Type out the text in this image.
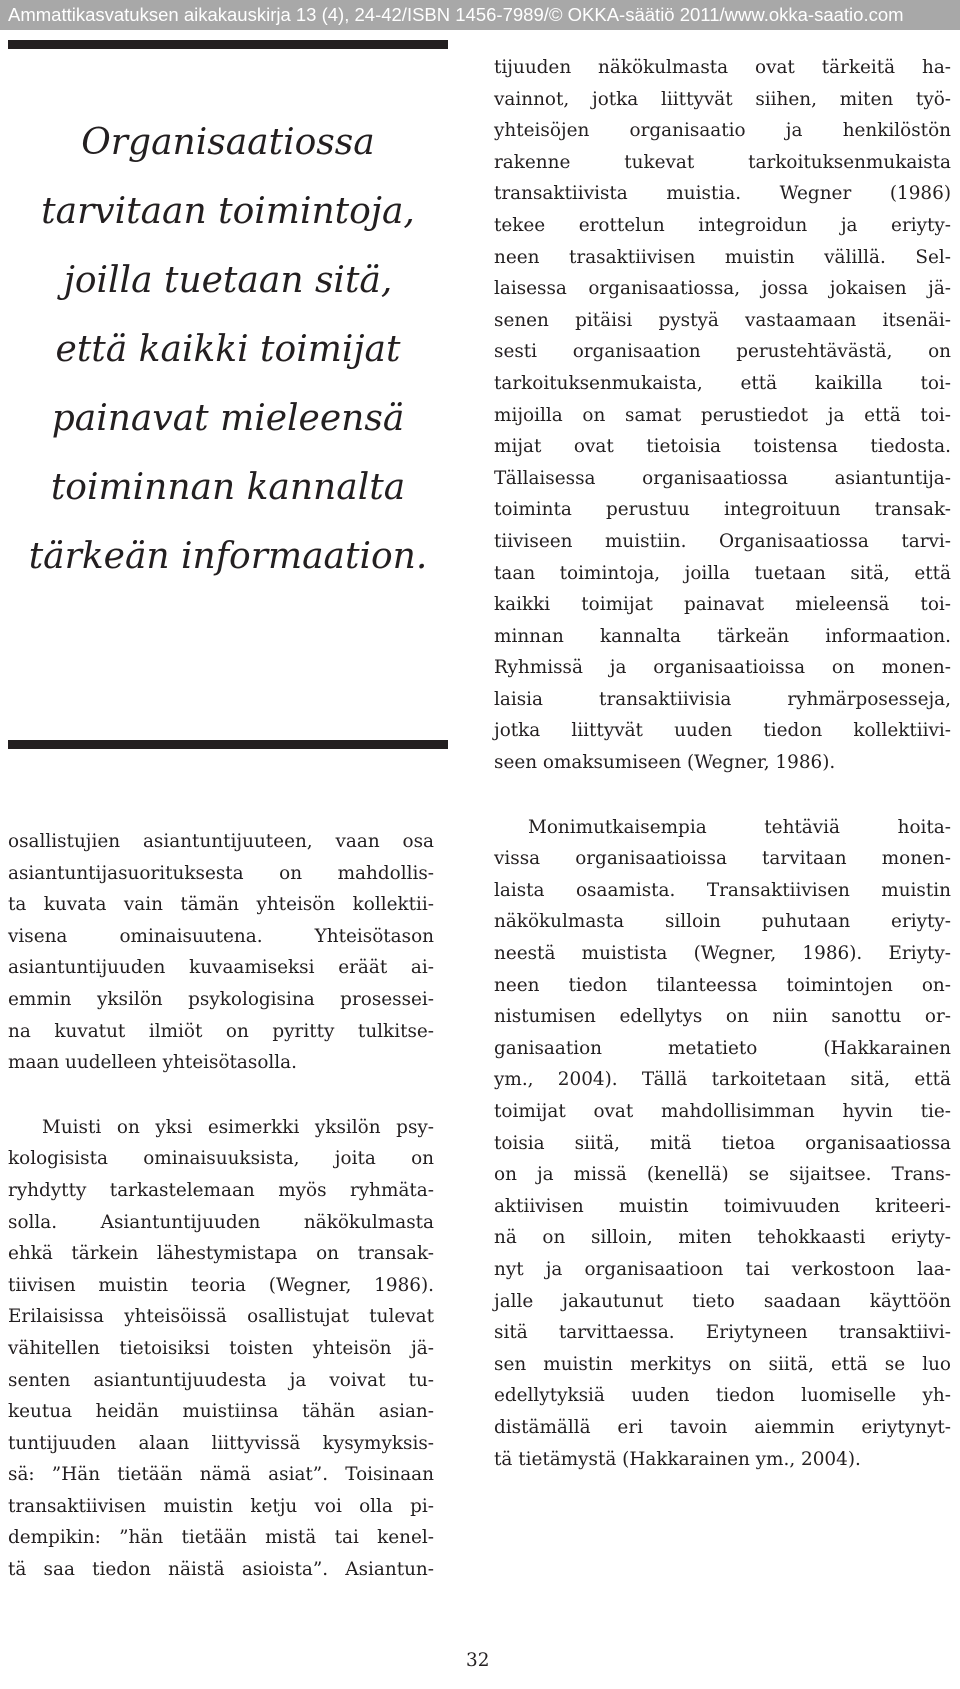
Ammattikasvatuksen aikakauskirja 13 (4), 24-42/ISBN 1456-7989/© OKKA-säätiö 2011/www.okka-saatio.com
Organisaatiossa
tarvitaan toimintoja,
joilla tuetaan sitä,
että kaikki toimijat
painavat mieleensä
toiminnan kannalta
tärkeän informaation.
osallistujien asiantuntijuuteen, vaan osa
asiantuntijasuorituksesta on mahdollis-
ta kuvata vain tämän yhteisön kollektii-
visena ominaisuutena. Yhteisötason
asiantuntijuuden kuvaamiseksi eräät ai-
emmin yksilön psykologisina prosessei-
na kuvatut ilmiöt on pyritty tulkitse-
maan uudelleen yhteisötasolla.
Muisti on yksi esimerkki yksilön psy-
kologisista ominaisuuksista, joita on
ryhdytty tarkastelemaan myös ryhmäta-
solla. Asiantuntijuuden näkökulmasta
ehkä tärkein lähestymistapa on transak-
tiivisen muistin teoria (Wegner, 1986).
Erilaisissa yhteisöissä osallistujat tulevat
vähitellen tietoisiksi toisten yhteisön jä-
senten asiantuntijuudesta ja voivat tu-
keutua heidän muistiinsa tähän asian-
tuntijuuden alaan liittyvissä kysymyksis-
sä: ”Hän tietään nämä asiat”. Toisinaan
transaktiivisen muistin ketju voi olla pi-
dempikin: ”hän tietään mistä tai kenel-
tä saa tiedon näistä asioista”. Asiantun-
tijuuden näkökulmasta ovat tärkeitä ha-
vainnot, jotka liittyvät siihen, miten työ-
yhteisöjen organisaatio ja henkilöstön
rakenne tukevat tarkoituksenmukaista
transaktiivista muistia. Wegner (1986)
tekee erottelun integroidun ja eriyty-
neen trasaktiivisen muistin välillä. Sel-
laisessa organisaatiossa, jossa jokaisen jä-
senen pitäisi pystyä vastaamaan itsenäi-
sesti organisaation perustehtävästä, on
tarkoituksenmukaista, että kaikilla toi-
mijoilla on samat perustiedot ja että toi-
mijat ovat tietoisia toistensa tiedosta.
Tällaisessa organisaatiossa asiantuntija-
toiminta perustuu integroituun transak-
tiiviseen muistiin. Organisaatiossa tarvi-
taan toimintoja, joilla tuetaan sitä, että
kaikki toimijat painavat mieleensä toi-
minnan kannalta tärkeän informaation.
Ryhmissä ja organisaatioissa on monen-
laisia transaktiivisia ryhmärposesseja,
jotka liittyvät uuden tiedon kollektiivi-
seen omaksumiseen (Wegner, 1986).
Monimutkaisempia tehtäviä hoita-
vissa organisaatioissa tarvitaan monen-
laista osaamista. Transaktiivisen muistin
näkökulmasta silloin puhutaan eriyty-
neestä muistista (Wegner, 1986). Eriyty-
neen tiedon tilanteessa toimintojen on-
nistumisen edellytys on niin sanottu or-
ganisaation metatieto (Hakkarainen
ym., 2004). Tällä tarkoitetaan sitä, että
toimijat ovat mahdollisimman hyvin tie-
toisia siitä, mitä tietoa organisaatiossa
on ja missä (kenellä) se sijaitsee. Trans-
aktiivisen muistin toimivuuden kriteeri-
nä on silloin, miten tehokkaasti eriyty-
nyt ja organisaatioon tai verkostoon laa-
jalle jakautunut tieto saadaan käyttöön
sitä tarvittaessa. Eriytyneen transaktiivi-
sen muistin merkitys on siitä, että se luo
edellytyksiä uuden tiedon luomiselle yh-
distämällä eri tavoin aiemmin eriytynyt-
tä tietämystä (Hakkarainen ym., 2004).
32
